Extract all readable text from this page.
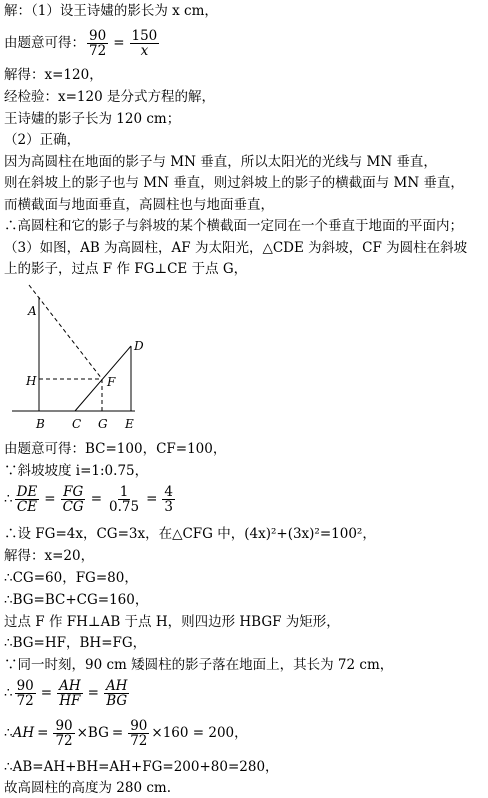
解：（1）设王诗嫿的影长为 x cm，
由题意可得： $\frac{90}{72} = \frac{150}{x}$
解得：x=120，
经检验：x=120 是分式方程的解，
王诗嫿的影子长为 120 cm；
（2）正确，
因为高圆柱在地面的影子与 MN 垂直，所以太阳光的光线与 MN 垂直，
则在斜坡上的影子也与 MN 垂直，则过斜坡上的影子的横截面与 MN 垂直，
而横截面与地面垂直，高圆柱也与地面垂直，
∴高圆柱和它的影子与斜坡的某个横截面一定同在一个垂直于地面的平面内；
（3）如图，AB 为高圆柱，AF 为太阳光，△CDE 为斜坡，CF 为圆柱在斜坡
上的影子，过点 F 作 FG⊥CE 于点 G，
A
H
B C G E
F
D
由题意可得：BC=100，CF=100，
∵斜坡坡度 i=1:0.75，
∴ $\frac{DE}{CE} = \frac{FG}{CG} = \frac{1}{0.75} = \frac{4}{3}$
∴设 FG=4x，CG=3x，在△CFG 中，(4x)²+(3x)²=100²，
解得：x=20，
∴CG=60，FG=80，
∴BG=BC+CG=160，
过点 F 作 FH⊥AB 于点 H，则四边形 HBGF 为矩形，
∴BG=HF，BH=FG，
∵同一时刻，90 cm 矮圆柱的影子落在地面上，其长为 72 cm，
∴ $\frac{90}{72} = \frac{AH}{HF} = \frac{AH}{BG}$
∴ AH = $\frac{90}{72} \times BG = \frac{90}{72} \times 160 = 200$，
∴AB=AH+BH=AH+FG=200+80=280，
故高圆柱的高度为 280 cm.
